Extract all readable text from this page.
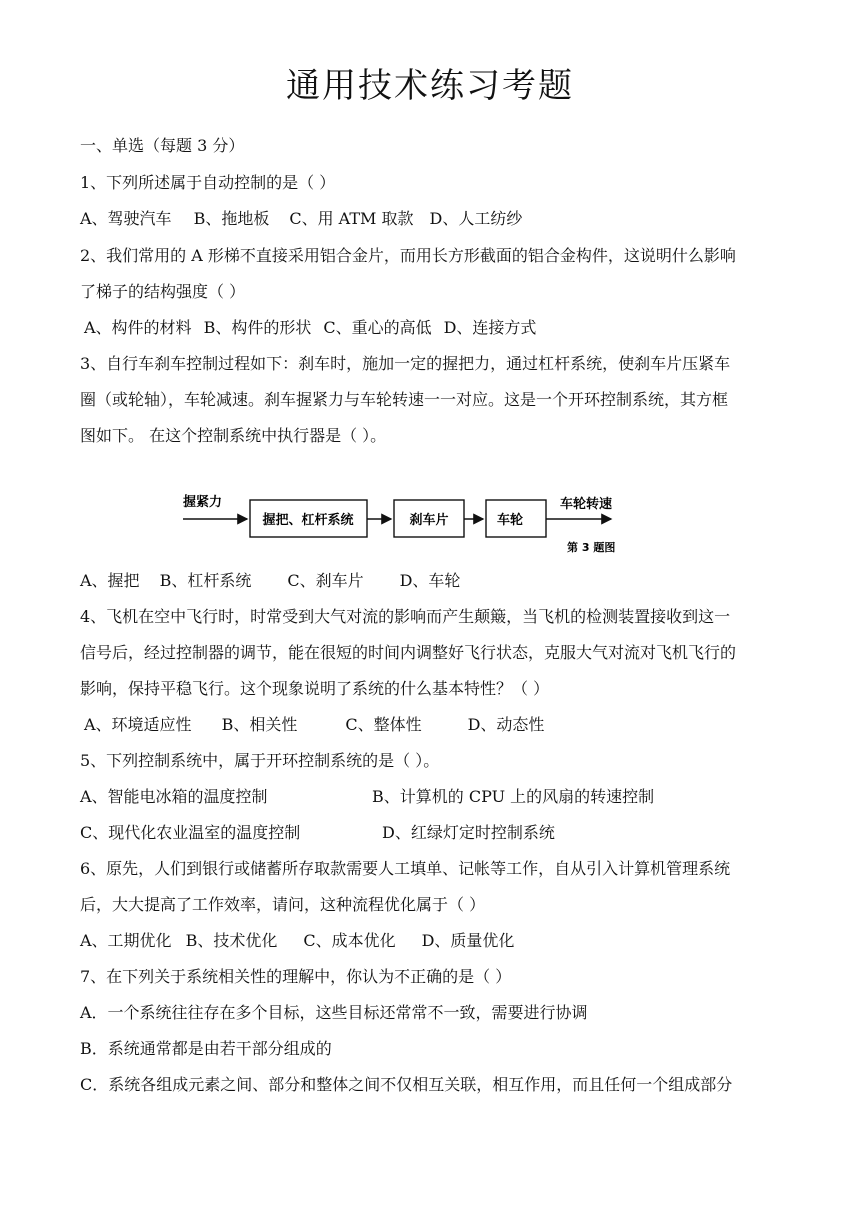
通用技术练习考题
一、单选（每题 3 分）
1、下列所述属于自动控制的是（ ）
A、驾驶汽车 B、拖地板 C、用 ATM 取款 D、人工纺纱
2、我们常用的 A 形梯不直接采用铝合金片，而用长方形截面的铝合金构件，这说明什么影响
了梯子的结构强度（ ）
A、构件的材料 B、构件的形状 C、重心的高低 D、连接方式
3、自行车刹车控制过程如下：刹车时，施加一定的握把力，通过杠杆系统，使刹车片压紧车
圈（或轮轴），车轮减速。刹车握紧力与车轮转速一一对应。这是一个开环控制系统，其方框
图如下。 在这个控制系统中执行器是（ ）。
握紧力
握把、杠杆系统	刹车片	车轮
车轮转速
第 3 题图
A、握把 B、杠杆系统 C、刹车片 D、车轮
4、飞机在空中飞行时，时常受到大气对流的影响而产生颠簸，当飞机的检测装置接收到这一
信号后，经过控制器的调节，能在很短的时间内调整好飞行状态，克服大气对流对飞机飞行的
影响，保持平稳飞行。这个现象说明了系统的什么基本特性？（ ）
A、环境适应性 B、相关性	C、整体性	D、动态性
5、下列控制系统中，属于开环控制系统的是（ ）。
A、智能电冰箱的温度控制	B、计算机的 CPU 上的风扇的转速控制
C、现代化农业温室的温度控制	D、红绿灯定时控制系统
6、原先，人们到银行或储蓄所存取款需要人工填单、记帐等工作，自从引入计算机管理系统
后，大大提高了工作效率，请问，这种流程优化属于（ ）
A、工期优化 B、技术优化 C、成本优化 D、质量优化
7、在下列关于系统相关性的理解中，你认为不正确的是（ ）
A．一个系统往往存在多个目标，这些目标还常常不一致，需要进行协调
B．系统通常都是由若干部分组成的
C．系统各组成元素之间、部分和整体之间不仅相互关联，相互作用，而且任何一个组成部分
